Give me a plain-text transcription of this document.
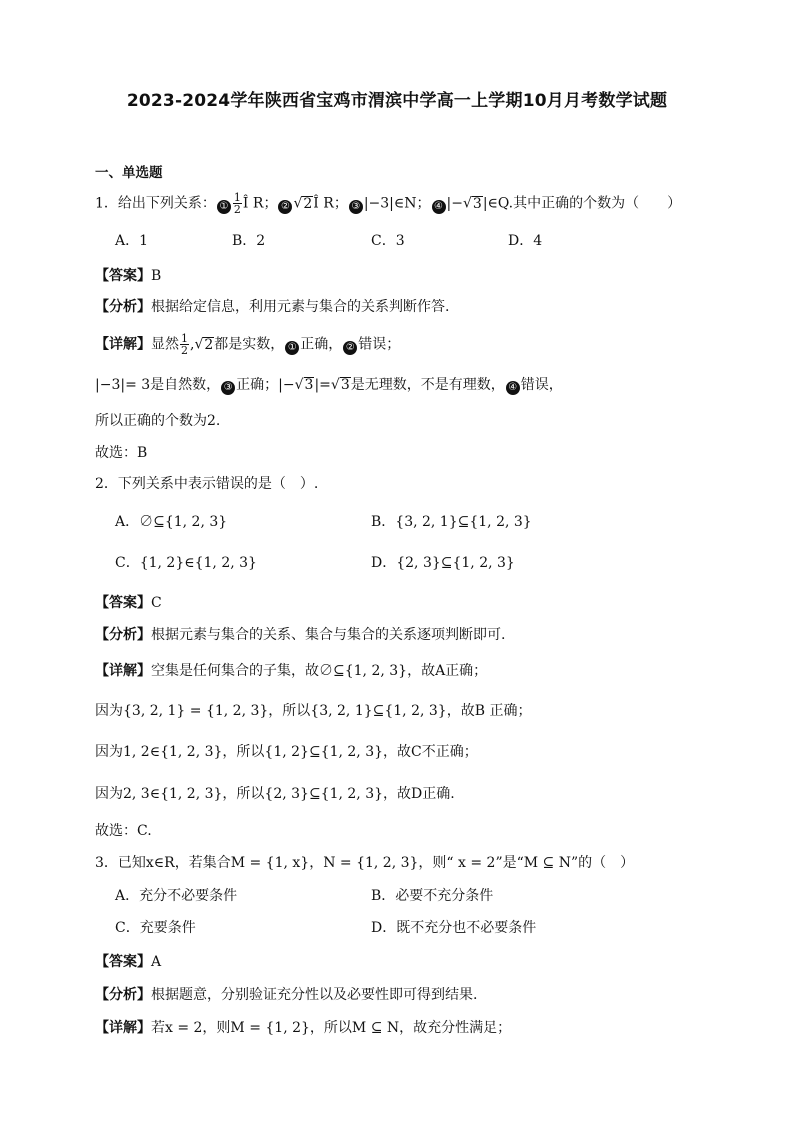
2023-2024学年陕西省宝鸡市渭滨中学高一上学期10月月考数学试题
一、单选题
1．给出下列关系： ① $\frac{1}{2}$ Î R； ② √2Î R； ③ |−3|∈N； ④ |−√3|∈Q.其中正确的个数为（　　）
A．1	B．2	C．3	D．4
【答案】B
【分析】根据给定信息，利用元素与集合的关系判断作答.
【详解】显然 $\frac{1}{2} ,√2$都是实数， ① 正确， ② 错误；
|−3|= 3是自然数， ③ 正确；|−√3|=√3是无理数，不是有理数， ④ 错误，
所以正确的个数为2.
故选：B
2．下列关系中表示错误的是（　）.
A．∅⊆{1, 2, 3}	B．{3, 2, 1}⊆{1, 2, 3}
C．{1, 2}∈{1, 2, 3}	D．{2, 3}⊆{1, 2, 3}
【答案】C
【分析】根据元素与集合的关系、集合与集合的关系逐项判断即可.
【详解】空集是任何集合的子集，故∅⊆{1, 2, 3}，故A正确；
因为{3, 2, 1} = {1, 2, 3}，所以{3, 2, 1}⊆{1, 2, 3}，故B 正确；
因为1, 2∈{1, 2, 3}，所以{1, 2}⊆{1, 2, 3}，故C不正确；
因为2, 3∈{1, 2, 3}，所以{2, 3}⊆{1, 2, 3}，故D正确.
故选：C.
3．已知x∈R，若集合M = {1, x}，N = {1, 2, 3}，则“ x = 2”是“M ⊆ N”的（　）
A．充分不必要条件	B．必要不充分条件
C．充要条件	D．既不充分也不必要条件
【答案】A
【分析】根据题意，分别验证充分性以及必要性即可得到结果.
【详解】若x = 2，则M = {1, 2}，所以M ⊆ N，故充分性满足；
